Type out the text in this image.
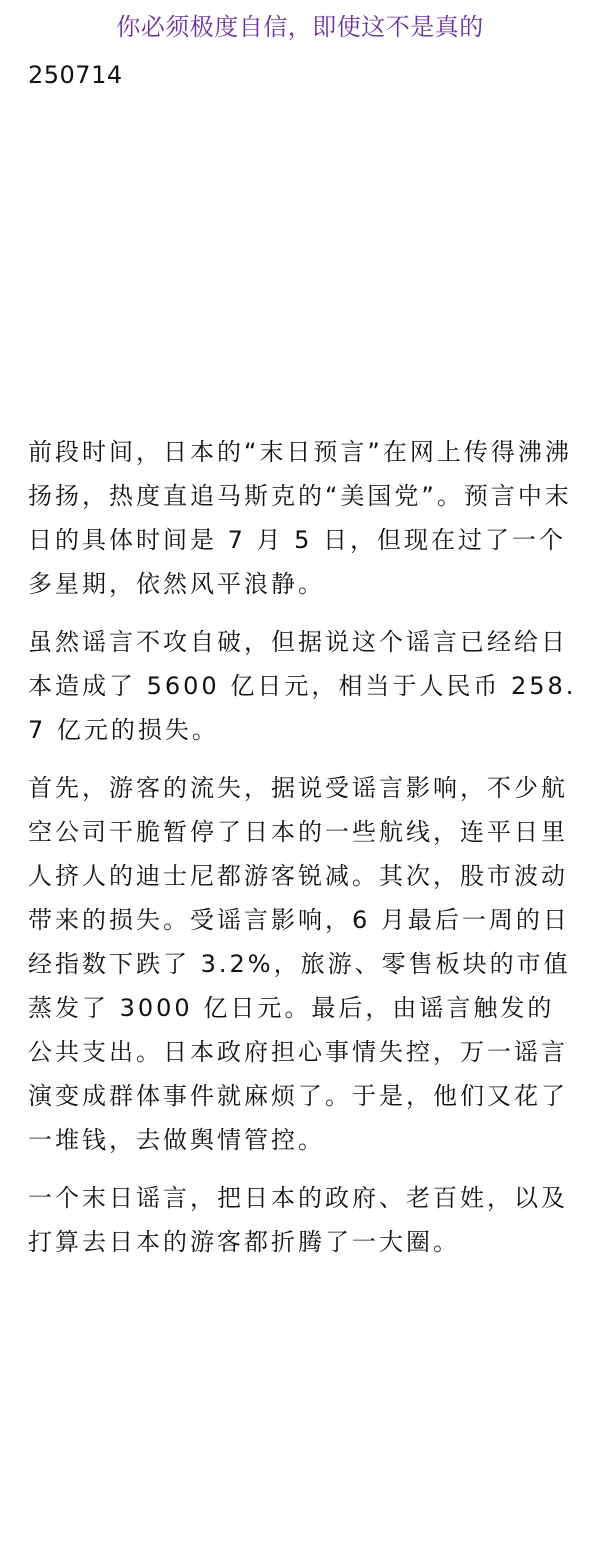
你必须极度自信，即使这不是真的
250714

前段时间，日本的“末日预言”在网上传得沸沸扬扬，热度直追马斯克的“美国党”。预言中末日的具体时间是 7 月 5 日，但现在过了一个多星期，依然风平浪静。

虽然谣言不攻自破，但据说这个谣言已经给日本造成了 5600 亿日元，相当于人民币 258.7 亿元的损失。

首先，游客的流失，据说受谣言影响，不少航空公司干脆暂停了日本的一些航线，连平日里人挤人的迪士尼都游客锐减。其次，股市波动带来的损失。受谣言影响，6 月最后一周的日经指数下跌了 3.2%，旅游、零售板块的市值蒸发了 3000 亿日元。最后，由谣言触发的公共支出。日本政府担心事情失控，万一谣言演变成群体事件就麻烦了。于是，他们又花了一堆钱，去做舆情管控。

一个末日谣言，把日本的政府、老百姓，以及打算去日本的游客都折腾了一大圈。
